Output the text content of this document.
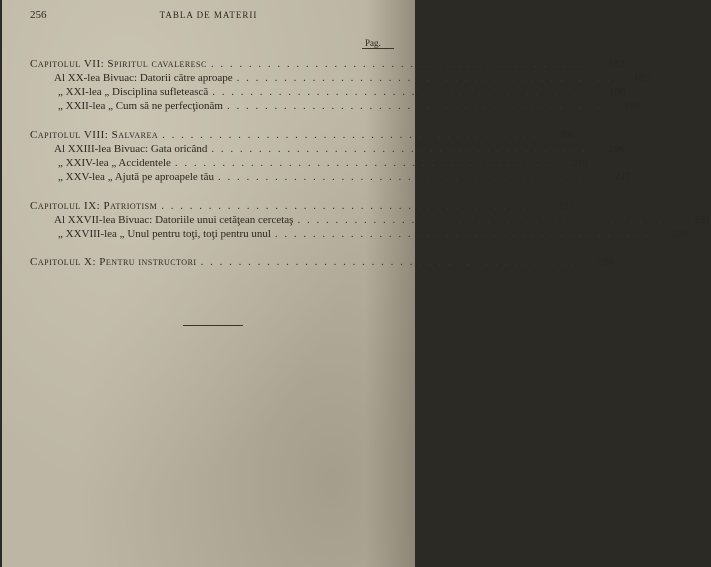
256	TABLA DE MATERII
Pag.
Capitolul VII: Spiritul cavaleresc . . . . . . . . . . . . . . . . . . . . . . . . . . . . . . . . . . . . . . . .	182
Al XX-lea Bivuac: Datorii către aproape . . . . . . . . . . . . . . . . . . . . . . . . . . . . . . . . . . . . . . . .	183
„ XXI-lea „ Disciplina sufletească . . . . . . . . . . . . . . . . . . . . . . . . . . . . . . . . . . . . . . . .	190
„ XXII-lea „ Cum să ne perfecţionăm . . . . . . . . . . . . . . . . . . . . . . . . . . . . . . . . . . . . . . . .	196
Capitolul VIII: Salvarea . . . . . . . . . . . . . . . . . . . . . . . . . . . . . . . . . . . . . . . .	206
Al XXIII-lea Bivuac: Gata oricând . . . . . . . . . . . . . . . . . . . . . . . . . . . . . . . . . . . . . . . .	206
„ XXIV-lea „ Accidentele . . . . . . . . . . . . . . . . . . . . . . . . . . . . . . . . . . . . . . . .	210
„ XXV-lea „ Ajută pe aproapele tău . . . . . . . . . . . . . . . . . . . . . . . . . . . . . . . . . . . . . . . .	217
Capitolul IX: Patriotism . . . . . . . . . . . . . . . . . . . . . . . . . . . . . . . . . . . . . . . .	231
Al XXVII-lea Bivuac: Datoriile unui cetăţean cercetaş . . . . . . . . . . . . . . . . . . . . . . . . . . . . . . . . . . . . . . . .	231
„ XXVIII-lea „ Unul pentru toţi, toţi pentru unul . . . . . . . . . . . . . . . . . . . . . . . . . . . . . . . . . . . . . . . .	236
Capitolul X: Pentru instructori . . . . . . . . . . . . . . . . . . . . . . . . . . . . . . . . . . . . . . . .	238
